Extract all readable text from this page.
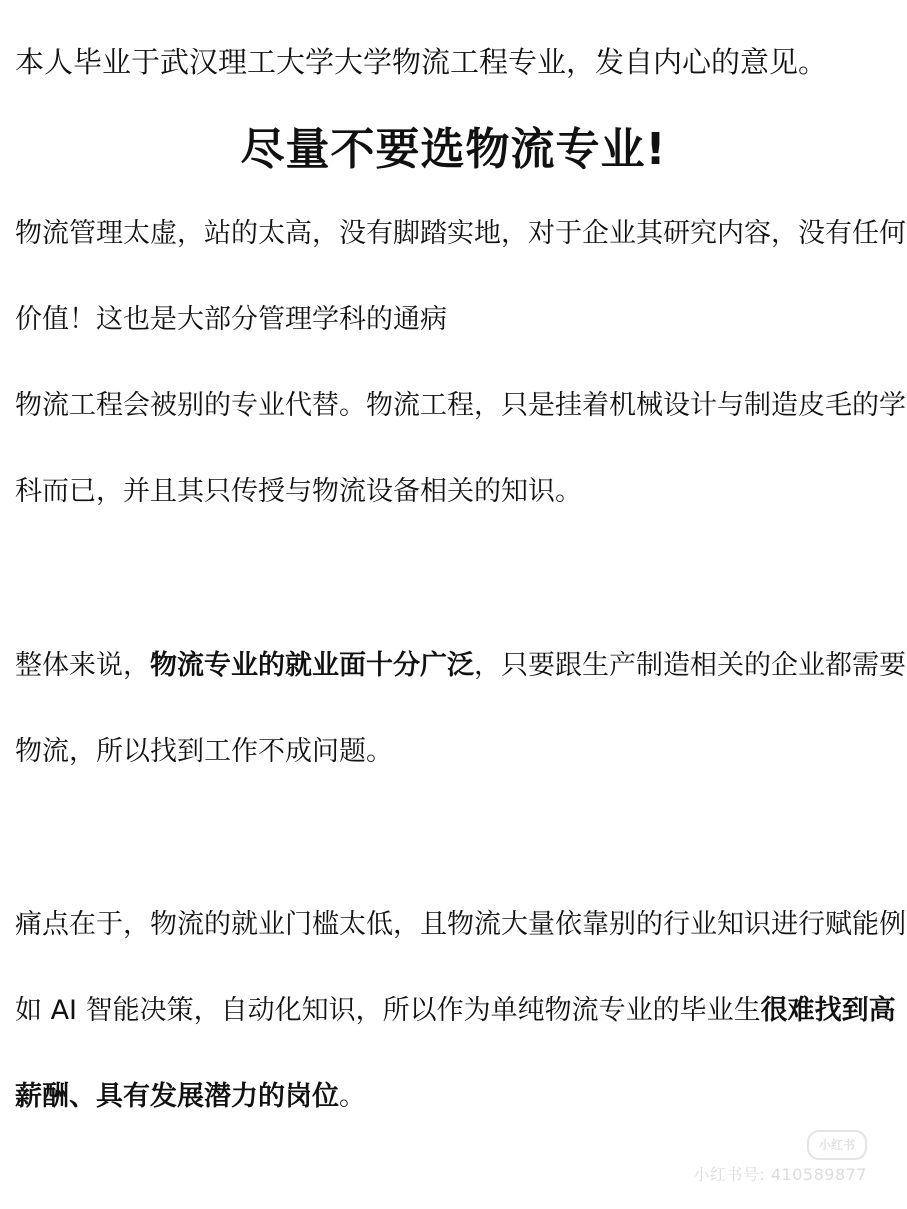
本人毕业于武汉理工大学大学物流工程专业，发自内心的意见。
尽量不要选物流专业!
物流管理太虚，站的太高，没有脚踏实地，对于企业其研究内容，没有任何
价值！这也是大部分管理学科的通病
物流工程会被别的专业代替。物流工程，只是挂着机械设计与制造皮毛的学
科而已，并且其只传授与物流设备相关的知识。
整体来说，物流专业的就业面十分广泛，只要跟生产制造相关的企业都需要
物流，所以找到工作不成问题。
痛点在于，物流的就业门槛太低，且物流大量依靠别的行业知识进行赋能例
如 AI 智能决策，自动化知识，所以作为单纯物流专业的毕业生很难找到高
薪酬、具有发展潜力的岗位。
小红书
小红书号: 410589877
